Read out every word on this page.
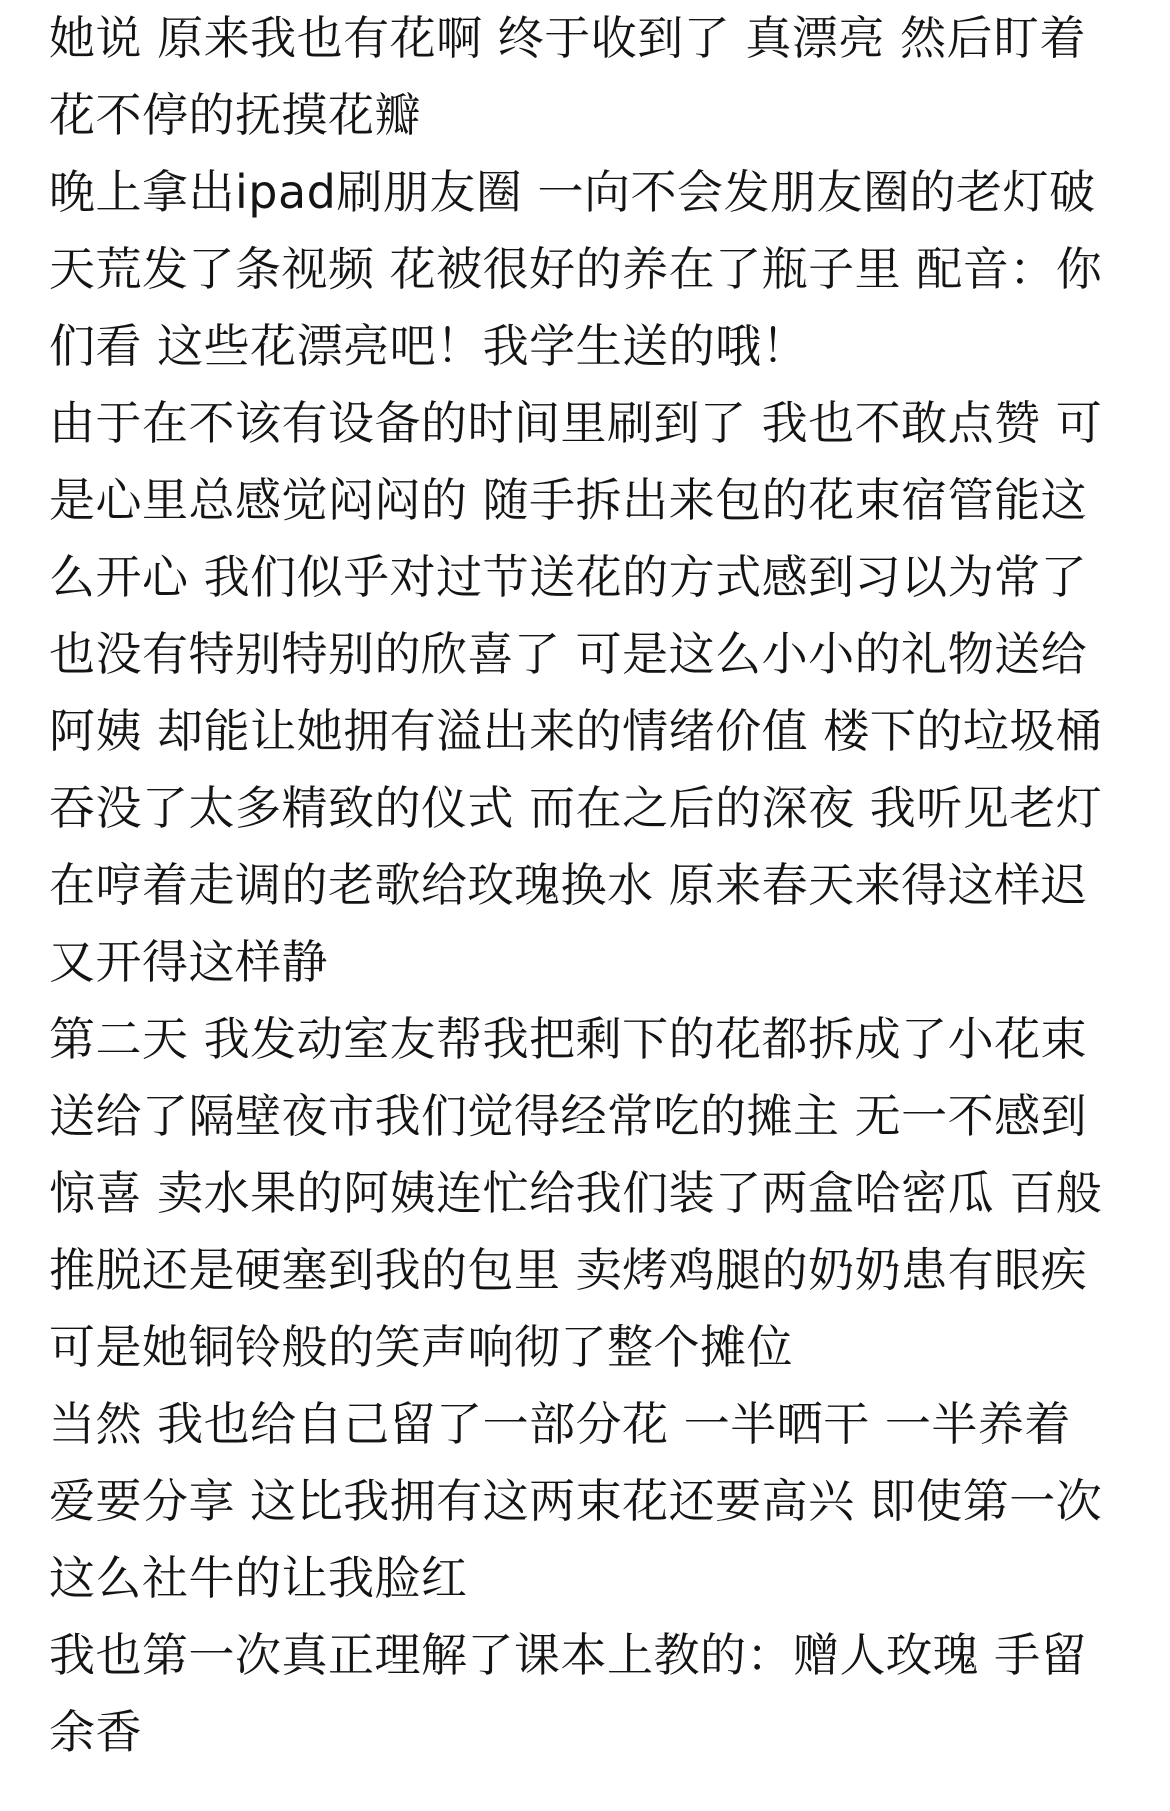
她说 原来我也有花啊 终于收到了 真漂亮 然后盯着花不停的抚摸花瓣

晚上拿出ipad刷朋友圈 一向不会发朋友圈的老灯破天荒发了条视频 花被很好的养在了瓶子里 配音：你们看 这些花漂亮吧！我学生送的哦！

由于在不该有设备的时间里刷到了 我也不敢点赞 可是心里总感觉闷闷的 随手拆出来包的花束宿管能这么开心 我们似乎对过节送花的方式感到习以为常了 也没有特别特别的欣喜了 可是这么小小的礼物送给阿姨 却能让她拥有溢出来的情绪价值 楼下的垃圾桶吞没了太多精致的仪式 而在之后的深夜 我听见老灯在哼着走调的老歌给玫瑰换水 原来春天来得这样迟 又开得这样静

第二天 我发动室友帮我把剩下的花都拆成了小花束 送给了隔壁夜市我们觉得经常吃的摊主 无一不感到惊喜 卖水果的阿姨连忙给我们装了两盒哈密瓜 百般推脱还是硬塞到我的包里 卖烤鸡腿的奶奶患有眼疾 可是她铜铃般的笑声响彻了整个摊位

当然 我也给自己留了一部分花 一半晒干 一半养着 爱要分享 这比我拥有这两束花还要高兴 即使第一次这么社牛的让我脸红

我也第一次真正理解了课本上教的：赠人玫瑰 手留余香
